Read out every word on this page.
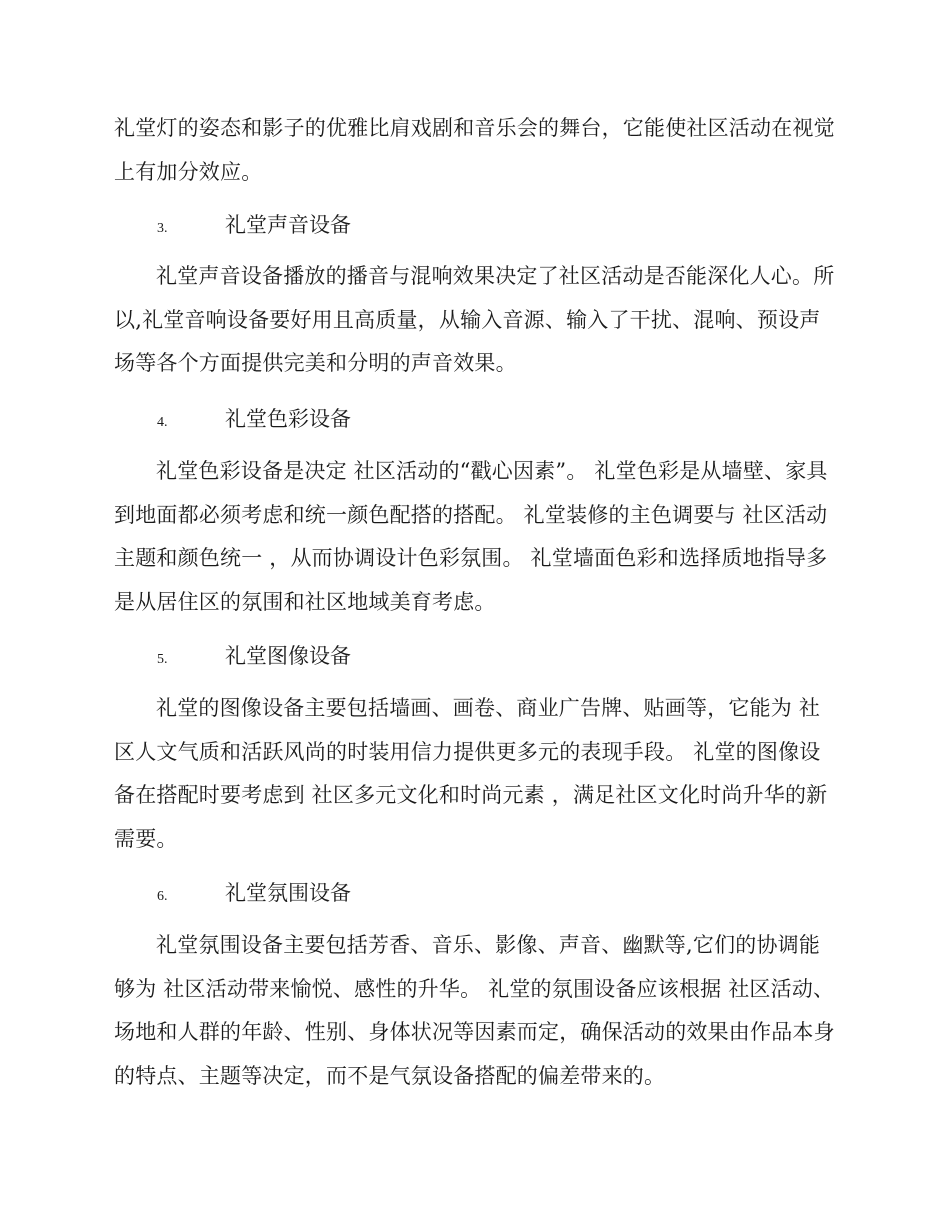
礼堂灯的姿态和影子的优雅比肩戏剧和音乐会的舞台，它能使社区活动在视觉上有加分效应。

3.	礼堂声音设备

礼堂声音设备播放的播音与混响效果决定了社区活动是否能深化人心。所以,礼堂音响设备要好用且高质量，从输入音源、输入了干扰、混响、预设声场等各个方面提供完美和分明的声音效果。

4.	礼堂色彩设备

礼堂色彩设备是决定 社区活动的“戳心因素”。 礼堂色彩是从墙壁、家具到地面都必须考虑和统一颜色配搭的搭配。 礼堂装修的主色调要与 社区活动主题和颜色统一 ，从而协调设计色彩氛围。 礼堂墙面色彩和选择质地指导多是从居住区的氛围和社区地域美育考虑。

5.	礼堂图像设备

礼堂的图像设备主要包括墙画、画卷、商业广告牌、贴画等，它能为 社区人文气质和活跃风尚的时装用信力提供更多元的表现手段。 礼堂的图像设备在搭配时要考虑到 社区多元文化和时尚元素 ，满足社区文化时尚升华的新需要。

6.	礼堂氛围设备

礼堂氛围设备主要包括芳香、音乐、影像、声音、幽默等,它们的协调能够为 社区活动带来愉悦、感性的升华。 礼堂的氛围设备应该根据 社区活动、场地和人群的年龄、性别、身体状况等因素而定，确保活动的效果由作品本身的特点、主题等决定，而不是气氛设备搭配的偏差带来的。
